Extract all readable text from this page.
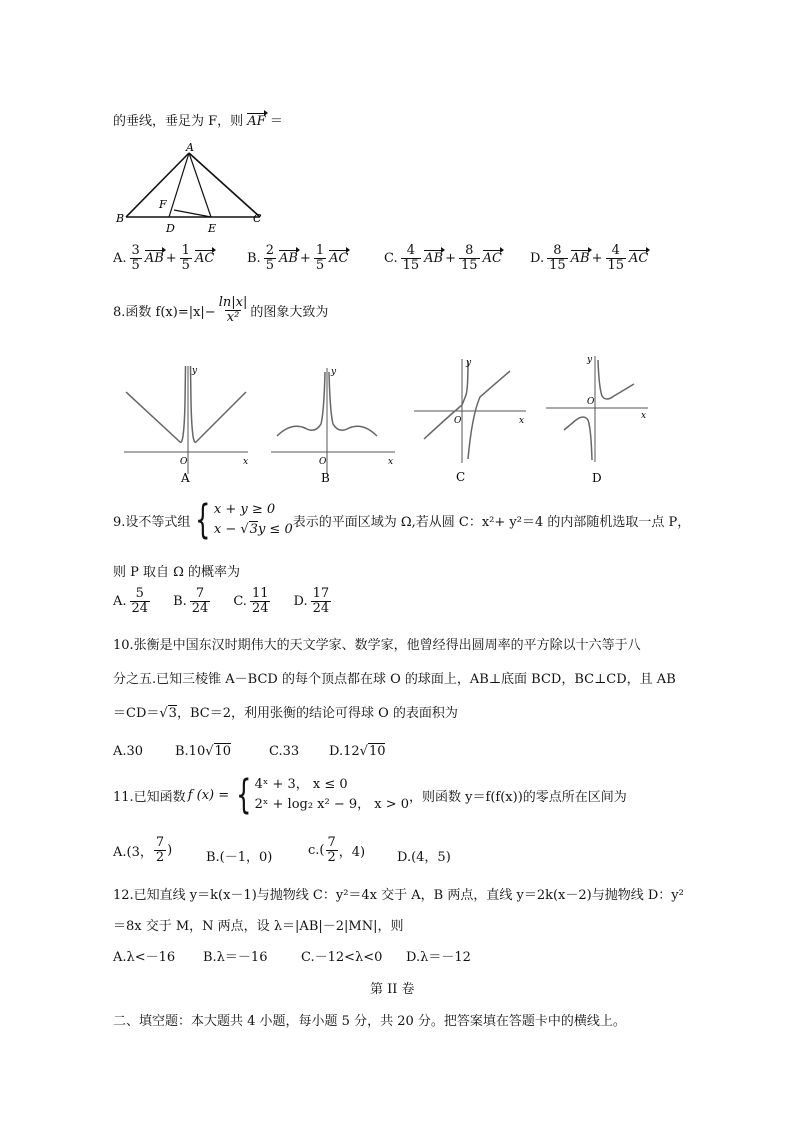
的垂线，垂足为 F，则 AF ＝
A
B	C
D	E
F
A. $\frac{3}{5}$ AB + $\frac{1}{5}$ AC	B. $\frac{2}{5}$ AB + $\frac{1}{5}$ AC	C. $\frac{4}{15}$ AB + $\frac{8}{15}$ AC D. $\frac{8}{15}$ AB + $\frac{4}{15}$ AC
8.函数 $f(x)=|x|- \frac{\ln|x|}{\text{x²}}$ 的图象大致为
y
x
O
A
y
x
O
B
y
x
O
C
y
x
O
D
9.设不等式组 { x + y ≥ 0
x − √3y ≤ 0 表示的平面区域为 Ω,若从圆 C：x²+ y²＝4 的内部随机选取一点 P，
则 P 取自 Ω 的概率为
A. $\frac{5}{24} B$. $\frac{7}{24} C$. $\frac{11}{24} D$. $\frac{17}{24}$
10.张衡是中国东汉时期伟大的天文学家、数学家，他曾经得出圆周率的平方除以十六等于八
分之五.已知三棱锥 A－BCD 的每个顶点都在球 O 的球面上，AB⊥底面 BCD，BC⊥CD，且 AB
＝CD＝√3，BC＝2，利用张衡的结论可得球 O 的表面积为
A.30 B.10√10	C.33 D.12√10
11.已知函数 f (x) = { 4ˣ + 3， x ≤ 0
2ˣ + log₂ x² − 9， x > 0 ，则函数 y＝f(f(x))的零点所在区间为
A.(3， $\frac{7}{2}$ )	B.(－1，0)	$c.( \frac{7}{2}$ ，4) D.(4，5)
12.已知直线 y＝k(x－1)与抛物线 C：y²＝4x 交于 A，B 两点，直线 y＝2k(x－2)与抛物线 D：y²
＝8x 交于 M，N 两点，设 λ＝|AB|－2|MN|，则
A.λ<－16 B.λ＝－16	C.－12<λ<0 D.λ＝－12
第 II 卷
二、填空题：本大题共 4 小题，每小题 5 分，共 20 分。把答案填在答题卡中的横线上。
